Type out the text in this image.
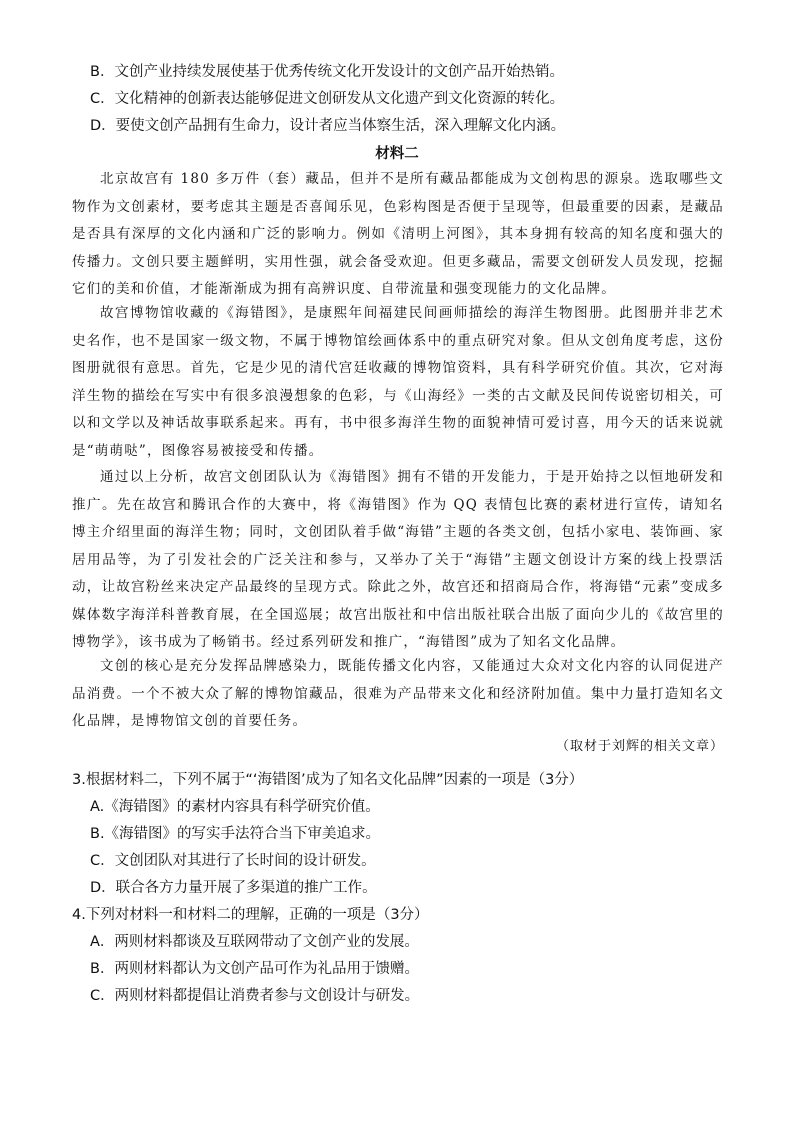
B．文创产业持续发展使基于优秀传统文化开发设计的文创产品开始热销。
C．文化精神的创新表达能够促进文创研发从文化遗产到文化资源的转化。
D．要使文创产品拥有生命力，设计者应当体察生活，深入理解文化内涵。
材料二
北京故宫有 180 多万件（套）藏品，但并不是所有藏品都能成为文创构思的源泉。选取哪些文物作为文创素材，要考虑其主题是否喜闻乐见，色彩构图是否便于呈现等，但最重要的因素，是藏品是否具有深厚的文化内涵和广泛的影响力。例如《清明上河图》，其本身拥有较高的知名度和强大的传播力。文创只要主题鲜明，实用性强，就会备受欢迎。但更多藏品，需要文创研发人员发现，挖掘它们的美和价值，才能渐渐成为拥有高辨识度、自带流量和强变现能力的文化品牌。
故宫博物馆收藏的《海错图》，是康熙年间福建民间画师描绘的海洋生物图册。此图册并非艺术史名作，也不是国家一级文物，不属于博物馆绘画体系中的重点研究对象。但从文创角度考虑，这份图册就很有意思。首先，它是少见的清代宫廷收藏的博物馆资料，具有科学研究价值。其次，它对海洋生物的描绘在写实中有很多浪漫想象的色彩，与《山海经》一类的古文献及民间传说密切相关，可以和文学以及神话故事联系起来。再有，书中很多海洋生物的面貌神情可爱讨喜，用今天的话来说就是“萌萌哒”，图像容易被接受和传播。
通过以上分析，故宫文创团队认为《海错图》拥有不错的开发能力，于是开始持之以恒地研发和推广。先在故宫和腾讯合作的大赛中，将《海错图》作为 QQ 表情包比赛的素材进行宣传，请知名博主介绍里面的海洋生物；同时，文创团队着手做“海错”主题的各类文创，包括小家电、装饰画、家居用品等，为了引发社会的广泛关注和参与，又举办了关于“海错”主题文创设计方案的线上投票活动，让故宫粉丝来决定产品最终的呈现方式。除此之外，故宫还和招商局合作，将海错“元素”变成多媒体数字海洋科普教育展，在全国巡展；故宫出版社和中信出版社联合出版了面向少儿的《故宫里的博物学》，该书成为了畅销书。经过系列研发和推广，“海错图”成为了知名文化品牌。
文创的核心是充分发挥品牌感染力，既能传播文化内容，又能通过大众对文化内容的认同促进产品消费。一个不被大众了解的博物馆藏品，很难为产品带来文化和经济附加值。集中力量打造知名文化品牌，是博物馆文创的首要任务。
（取材于刘辉的相关文章）
3.根据材料二，下列不属于“‘海错图’成为了知名文化品牌”因素的一项是（3分）
A.《海错图》的素材内容具有科学研究价值。
B.《海错图》的写实手法符合当下审美追求。
C．文创团队对其进行了长时间的设计研发。
D．联合各方力量开展了多渠道的推广工作。
4.下列对材料一和材料二的理解，正确的一项是（3分）
A．两则材料都谈及互联网带动了文创产业的发展。
B．两则材料都认为文创产品可作为礼品用于馈赠。
C．两则材料都提倡让消费者参与文创设计与研发。
